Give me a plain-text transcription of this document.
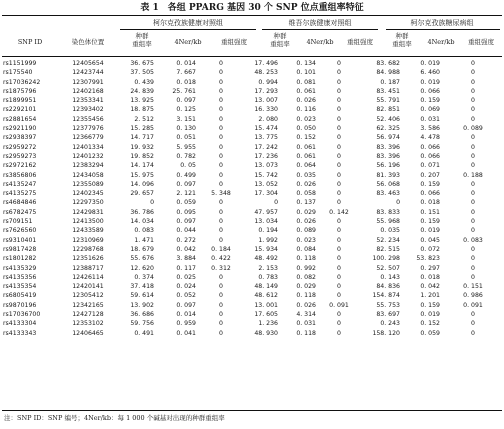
表 1　各组 PPARG 基因 30 个 SNP 位点重组率特征
SNP ID	染色体位置
柯尔克孜族健康对照组
种群
重组率	4Ner/kb	重组强度
维吾尔族健康对照组
种群
重组率	4Ner/kb	重组强度
柯尔克孜族糖尿病组
种群
重组率	4Ner/kb	重组强度
rs1151999	12405654	36. 675	0. 014	0	17. 496	0. 134	0	83. 682	0. 019	0
rs175540	12423744	37. 505	7. 667	0	48. 253	0. 101	0	84. 988	6. 460	0
rs17036242	12307991	0. 439	0. 018	0	0. 994	0. 081	0	0. 187	0. 019	0
rs1875796	12402168	24. 839	25. 761	0	17. 293	0. 061	0	83. 451	0. 066	0
rs1899951	12353341	13. 925	0. 097	0	13. 007	0. 026	0	55. 791	0. 159	0
rs2292101	12393402	18. 875	0. 125	0	16. 330	0. 116	0	82. 851	0. 069	0
rs2881654	12355456	2. 512	3. 151	0	2. 080	0. 023	0	52. 406	0. 031	0
rs2921190	12377976	15. 285	0. 130	0	15. 474	0. 050	0	62. 325	3. 586	0. 089
rs2938397	12366779	14. 717	0. 051	0	13. 775	0. 152	0	56. 974	4. 478	0
rs2959272	12401334	19. 932	5. 955	0	17. 242	0. 061	0	83. 396	0. 066	0
rs2959273	12401232	19. 852	0. 782	0	17. 236	0. 061	0	83. 396	0. 066	0
rs2972162	12383294	14. 174	0. 05	0	13. 073	0. 064	0	56. 196	0. 071	0
rs3856806	12434058	15. 975	0. 499	0	15. 742	0. 035	0	81. 393	0. 207	0. 188
rs4135247	12355089	14. 096	0. 097	0	13. 052	0. 026	0	56. 068	0. 159	0
rs4135275	12402345	29. 657	2. 121	5. 348	17. 304	0. 058	0	83. 463	0. 066	0
rs4684846	12297350	0	0. 059	0	0	0. 137	0	0	0. 018	0
rs6782475	12429831	36. 786	0. 095	0	47. 957	0. 029	0. 142	83. 833	0. 151	0
rs709151	12413500	14. 034	0. 097	0	13. 034	0. 026	0	55. 968	0. 159	0
rs7626560	12433589	0. 083	0. 044	0	0. 194	0. 089	0	0. 035	0. 019	0
rs9310401	12310969	1. 471	0. 272	0	1. 992	0. 023	0	52. 234	0. 045	0. 083
rs9817428	12298768	18. 679	0. 042	0. 184	15. 934	0. 084	0	82. 515	0. 072	0
rs1801282	12351626	55. 676	3. 884	0. 422	48. 492	0. 118	0	100. 298	53. 823	0
rs4135329	12388717	12. 620	0. 117	0. 312	2. 153	0. 992	0	52. 507	0. 297	0
rs4135356	12426114	0. 374	0. 025	0	0. 783	0. 082	0	0. 143	0. 018	0
rs4135354	12420141	37. 418	0. 024	0	48. 149	0. 029	0	84. 836	0. 042	0. 151
rs6805419	12305412	59. 614	0. 052	0	48. 612	0. 118	0	154. 874	1. 201	0. 986
rs9870196	12342165	13. 902	0. 097	0	13. 001	0. 026	0. 091	55. 753	0. 159	0. 091
rs17036700	12427128	36. 686	0. 014	0	17. 605	4. 314	0	83. 697	0. 019	0
rs4133304	12353102	59. 756	0. 959	0	1. 236	0. 031	0	0. 243	0. 152	0
rs4133343	12406465	0. 491	0. 041	0	48. 930	0. 118	0	158. 120	0. 059	0
注：SNP ID：SNP 编号；4Ner/kb：每 1 000 个碱基对出现的种群重组率
